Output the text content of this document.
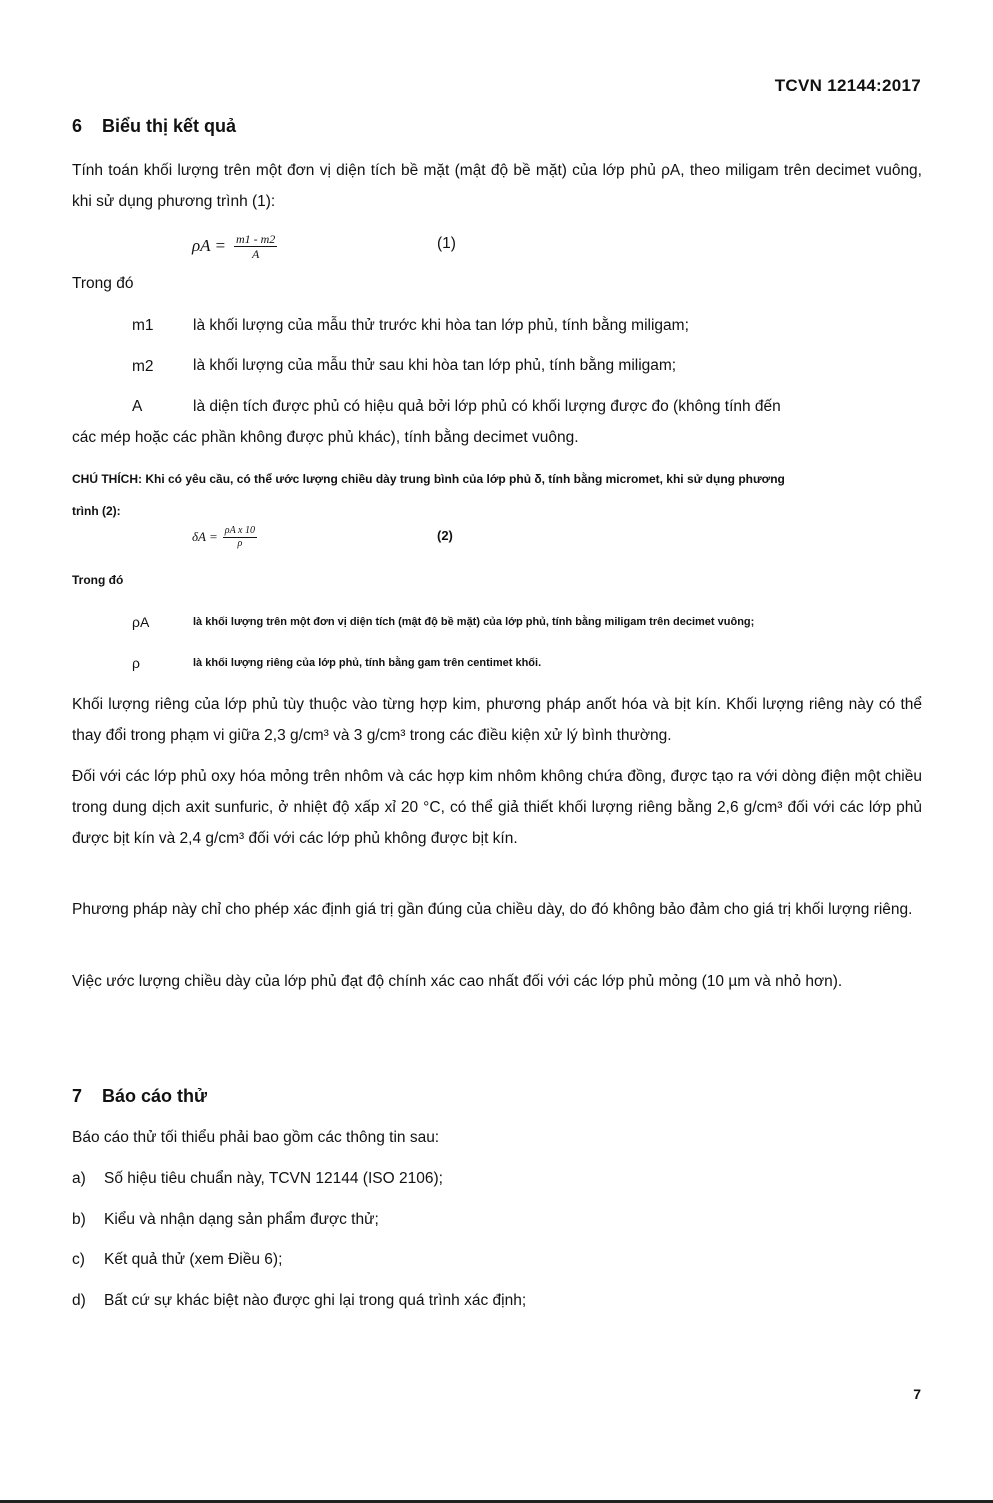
TCVN 12144:2017
6 Biểu thị kết quả
Tính toán khối lượng trên một đơn vị diện tích bề mặt (mật độ bề mặt) của lớp phủ ρA, theo miligam trên decimet vuông, khi sử dụng phương trình (1):
$\rho A = \frac{m1 - m2}{A}$	(1)
Trong đó
m1	là khối lượng của mẫu thử trước khi hòa tan lớp phủ, tính bằng miligam;
m2	là khối lượng của mẫu thử sau khi hòa tan lớp phủ, tính bằng miligam;
A	là diện tích được phủ có hiệu quả bởi lớp phủ có khối lượng được đo (không tính đến
các mép hoặc các phần không được phủ khác), tính bằng decimet vuông.
CHÚ THÍCH: Khi có yêu cầu, có thể ước lượng chiều dày trung bình của lớp phủ δ, tính bằng micromet, khi sử dụng phương
trình (2):
$\delta A = \frac{\text{ρA x 10}}{\rho}$	(2)
Trong đó
ρA	là khối lượng trên một đơn vị diện tích (mật độ bề mặt) của lớp phủ, tính bằng miligam trên decimet vuông;
ρ	là khối lượng riêng của lớp phủ, tính bằng gam trên centimet khối.
Khối lượng riêng của lớp phủ tùy thuộc vào từng hợp kim, phương pháp anốt hóa và bịt kín. Khối lượng riêng này có thể thay đổi trong phạm vi giữa 2,3 g/cm³ và 3 g/cm³ trong các điều kiện xử lý bình thường.
Đối với các lớp phủ oxy hóa mỏng trên nhôm và các hợp kim nhôm không chứa đồng, được tạo ra với dòng điện một chiều trong dung dịch axit sunfuric, ở nhiệt độ xấp xỉ 20 °C, có thể giả thiết khối lượng riêng bằng 2,6 g/cm³ đối với các lớp phủ được bịt kín và 2,4 g/cm³ đối với các lớp phủ không được bịt kín.
Phương pháp này chỉ cho phép xác định giá trị gần đúng của chiều dày, do đó không bảo đảm cho giá trị khối lượng riêng.
Việc ước lượng chiều dày của lớp phủ đạt độ chính xác cao nhất đối với các lớp phủ mỏng (10 µm và nhỏ hơn).
7 Báo cáo thử
Báo cáo thử tối thiểu phải bao gồm các thông tin sau:
a) Số hiệu tiêu chuẩn này, TCVN 12144 (ISO 2106);
b) Kiểu và nhận dạng sản phẩm được thử;
c) Kết quả thử (xem Điều 6);
d) Bất cứ sự khác biệt nào được ghi lại trong quá trình xác định;
7
